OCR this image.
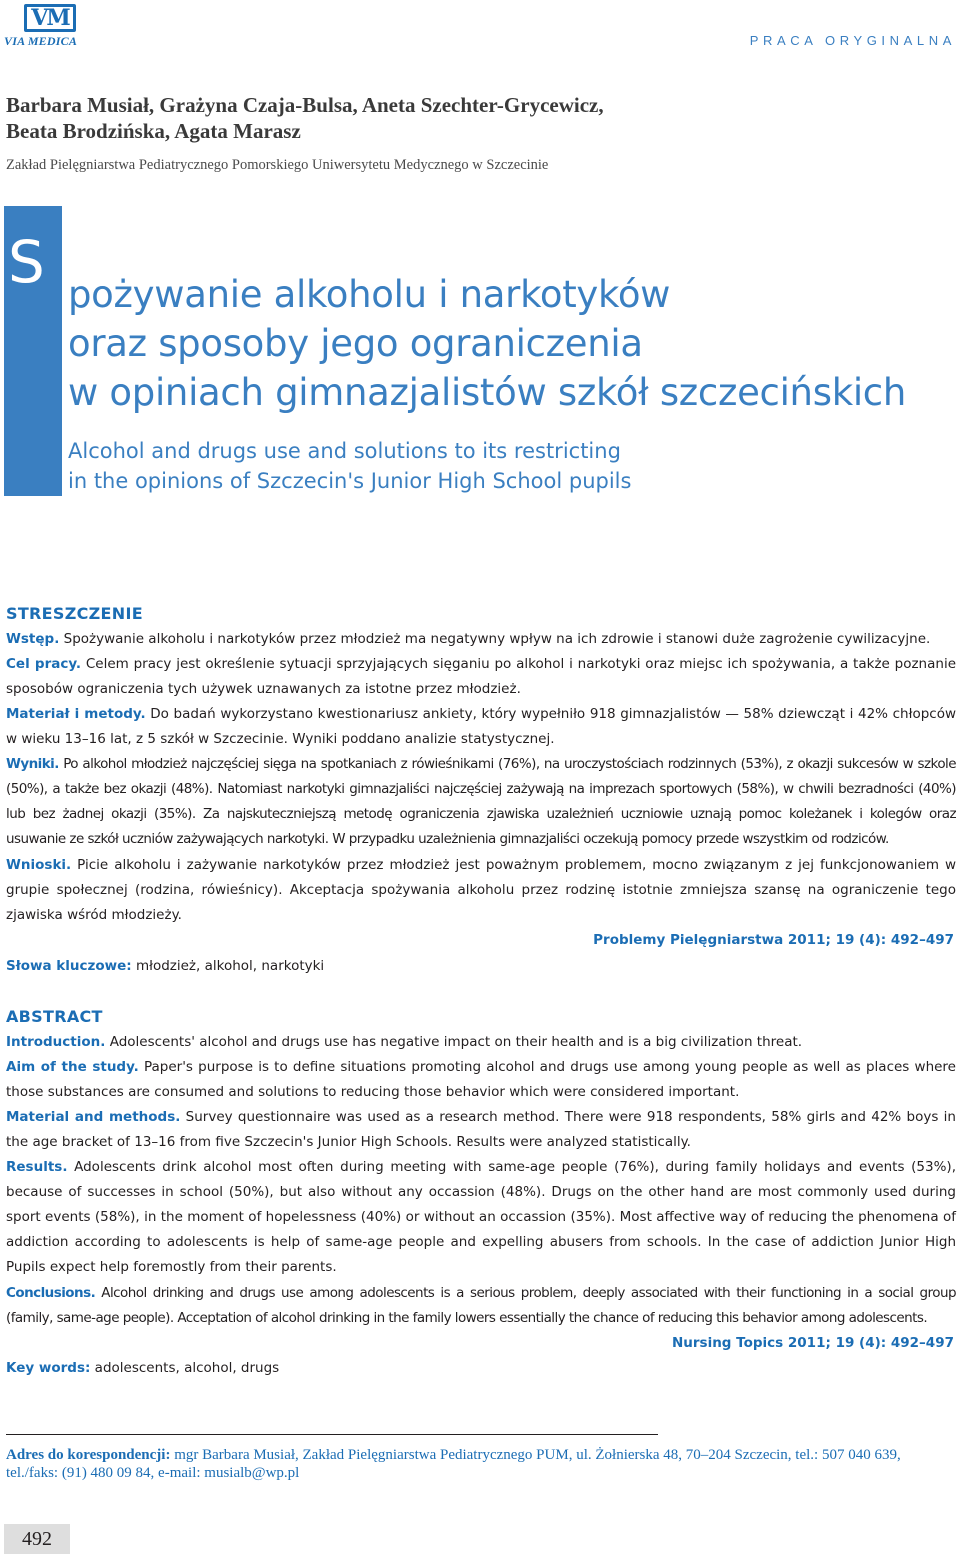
VM
VIA MEDICA	PRACA ORYGINALNA
Barbara Musiał, Grażyna Czaja-Bulsa, Aneta Szechter-Grycewicz,
Beata Brodzińska, Agata Marasz
Zakład Pielęgniarstwa Pediatrycznego Pomorskiego Uniwersytetu Medycznego w Szczecinie
S pożywanie alkoholu i narkotyków
oraz sposoby jego ograniczenia
w opiniach gimnazjalistów szkół szczecińskich
Alcohol and drugs use and solutions to its restricting
in the opinions of Szczecin's Junior High School pupils
STRESZCZENIE
Wstęp. Spożywanie alkoholu i narkotyków przez młodzież ma negatywny wpływ na ich zdrowie i stanowi duże zagrożenie cywilizacyjne.
Cel pracy. Celem pracy jest określenie sytuacji sprzyjających sięganiu po alkohol i narkotyki oraz miejsc ich spożywania, a także poznanie sposobów ograniczenia tych używek uznawanych za istotne przez młodzież.
Materiał i metody. Do badań wykorzystano kwestionariusz ankiety, który wypełniło 918 gimnazjalistów — 58% dziewcząt i 42% chłopców w wieku 13–16 lat, z 5 szkół w Szczecinie. Wyniki poddano analizie statystycznej.
Wyniki. Po alkohol młodzież najczęściej sięga na spotkaniach z rówieśnikami (76%), na uroczystościach rodzinnych (53%), z okazji sukcesów w szkole (50%), a także bez okazji (48%). Natomiast narkotyki gimnazjaliści najczęściej zażywają na imprezach sportowych (58%), w chwili bezradności (40%) lub bez żadnej okazji (35%). Za najskuteczniejszą metodę ograniczenia zjawiska uzależnień uczniowie uznają pomoc koleżanek i kolegów oraz usuwanie ze szkół uczniów zażywających narkotyki. W przypadku uzależnienia gimnazjaliści oczekują pomocy przede wszystkim od rodziców.
Wnioski. Picie alkoholu i zażywanie narkotyków przez młodzież jest poważnym problemem, mocno związanym z jej funkcjonowaniem w grupie społecznej (rodzina, rówieśnicy). Akceptacja spożywania alkoholu przez rodzinę istotnie zmniejsza szansę na ograniczenie tego zjawiska wśród młodzieży.
Problemy Pielęgniarstwa 2011; 19 (4): 492–497
Słowa kluczowe: młodzież, alkohol, narkotyki
ABSTRACT
Introduction. Adolescents' alcohol and drugs use has negative impact on their health and is a big civilization threat.
Aim of the study. Paper's purpose is to define situations promoting alcohol and drugs use among young people as well as places where those substances are consumed and solutions to reducing those behavior which were considered important.
Material and methods. Survey questionnaire was used as a research method. There were 918 respondents, 58% girls and 42% boys in the age bracket of 13–16 from five Szczecin's Junior High Schools. Results were analyzed statistically.
Results. Adolescents drink alcohol most often during meeting with same-age people (76%), during family holidays and events (53%), because of successes in school (50%), but also without any occassion (48%). Drugs on the other hand are most commonly used during sport events (58%), in the moment of hopelessness (40%) or without an occassion (35%). Most affective way of reducing the phenomena of addiction according to adolescents is help of same-age people and expelling abusers from schools. In the case of addiction Junior High Pupils expect help foremostly from their parents.
Conclusions. Alcohol drinking and drugs use among adolescents is a serious problem, deeply associated with their functioning in a social group (family, same-age people). Acceptation of alcohol drinking in the family lowers essentially the chance of reducing this behavior among adolescents.
Nursing Topics 2011; 19 (4): 492–497
Key words: adolescents, alcohol, drugs
Adres do korespondencji: mgr Barbara Musiał, Zakład Pielęgniarstwa Pediatrycznego PUM, ul. Żołnierska 48, 70–204 Szczecin, tel.: 507 040 639, tel./faks: (91) 480 09 84, e-mail: musialb@wp.pl
492
